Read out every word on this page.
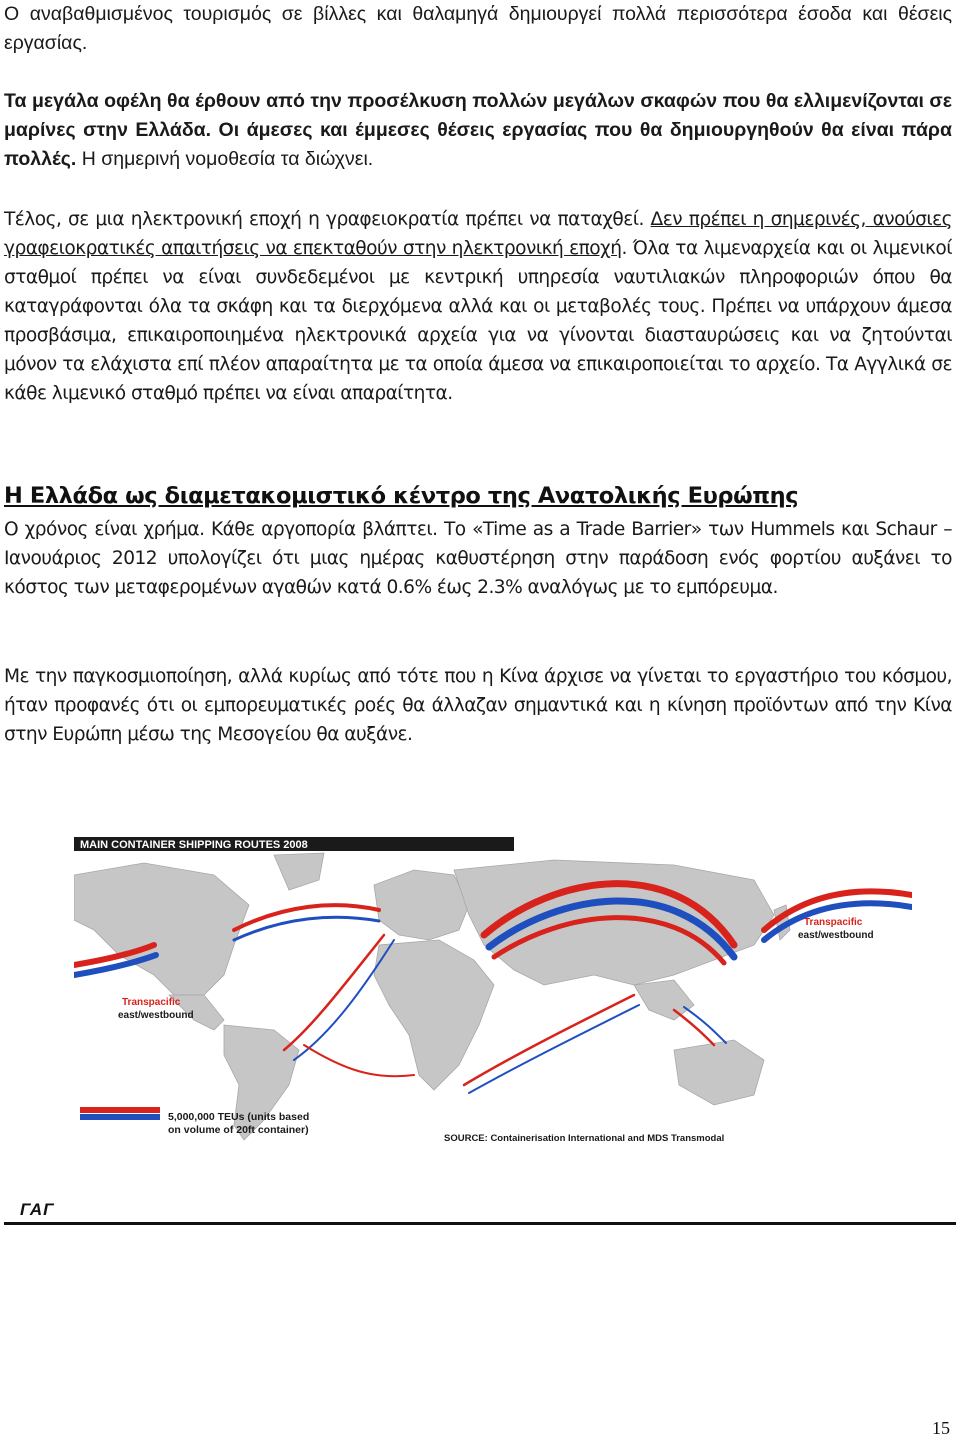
Ο αναβαθμισμένος τουρισμός σε βίλλες και θαλαμηγά δημιουργεί πολλά περισσότερα έσοδα και θέσεις εργασίας.

Τα μεγάλα οφέλη θα έρθουν από την προσέλκυση πολλών μεγάλων σκαφών που θα ελλιμενίζονται σε μαρίνες στην Ελλάδα. Οι άμεσες και έμμεσες θέσεις εργασίας που θα δημιουργηθούν θα είναι πάρα πολλές. Η σημερινή νομοθεσία τα διώχνει.

Τέλος, σε μια ηλεκτρονική εποχή η γραφειοκρατία πρέπει να παταχθεί. Δεν πρέπει η σημερινές, ανούσιες γραφειοκρατικές απαιτήσεις να επεκταθούν στην ηλεκτρονική εποχή. Όλα τα λιμεναρχεία και οι λιμενικοί σταθμοί πρέπει να είναι συνδεδεμένοι με κεντρική υπηρεσία ναυτιλιακών πληροφοριών όπου θα καταγράφονται όλα τα σκάφη και τα διερχόμενα αλλά και οι μεταβολές τους. Πρέπει να υπάρχουν άμεσα προσβάσιμα, επικαιροποιημένα ηλεκτρονικά αρχεία για να γίνονται διασταυρώσεις και να ζητούνται μόνον τα ελάχιστα επί πλέον απαραίτητα με τα οποία άμεσα να επικαιροποιείται το αρχείο. Τα Αγγλικά σε κάθε λιμενικό σταθμό πρέπει να είναι απαραίτητα.

Η Ελλάδα ως διαμετακομιστικό κέντρο της Ανατολικής Ευρώπης

Ο χρόνος είναι χρήμα. Κάθε αργοπορία βλάπτει. Το «Time as a Trade Barrier» των Hummels και Schaur – Ιανουάριος 2012 υπολογίζει ότι μιας ημέρας καθυστέρηση στην παράδοση ενός φορτίου αυξάνει το κόστος των μεταφερομένων αγαθών κατά 0.6% έως 2.3% αναλόγως με το εμπόρευμα.

Με την παγκοσμιοποίηση, αλλά κυρίως από τότε που η Κίνα άρχισε να γίνεται το εργαστήριο του κόσμου, ήταν προφανές ότι οι εμπορευματικές ροές θα άλλαζαν σημαντικά και η κίνηση προϊόντων από την Κίνα στην Ευρώπη μέσω της Μεσογείου θα αυξάνε.

MAIN CONTAINER SHIPPING ROUTES 2008
Transpacific
east/westbound
Transpacific
east/westbound
5,000,000 TEUs (units based
on volume of 20ft container)
SOURCE: Containerisation International and MDS Transmodal
ΓΑΓ
15
